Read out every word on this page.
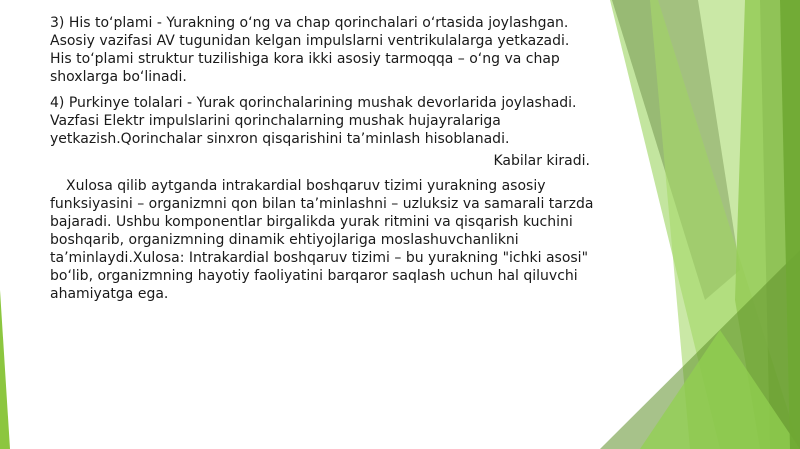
3) His to‘plami - Yurakning o‘ng va chap qorinchalari o‘rtasida joylashgan. Asosiy vazifasi AV tugunidan kelgan impulslarni ventrikulalarga yetkazadi. His to‘plami struktur tuzilishiga kora ikki asosiy tarmoqqa – o‘ng va chap shoxlarga bo‘linadi.

4) Purkinye tolalari - Yurak qorinchalarining mushak devorlarida joylashadi. Vazfasi Elektr impulslarini qorinchalarning mushak hujayralariga yetkazish.Qorinchalar sinxron qisqarishini ta’minlash hisoblanadi.

Kabilar kiradi.

Xulosa qilib aytganda intrakardial boshqaruv tizimi yurakning asosiy funksiyasini – organizmni qon bilan ta’minlashni – uzluksiz va samarali tarzda bajaradi. Ushbu komponentlar birgalikda yurak ritmini va qisqarish kuchini boshqarib, organizmning dinamik ehtiyojlariga moslashuvchanlikni ta’minlaydi.Xulosa: Intrakardial boshqaruv tizimi – bu yurakning "ichki asosi" bo‘lib, organizmning hayotiy faoliyatini barqaror saqlash uchun hal qiluvchi ahamiyatga ega.
